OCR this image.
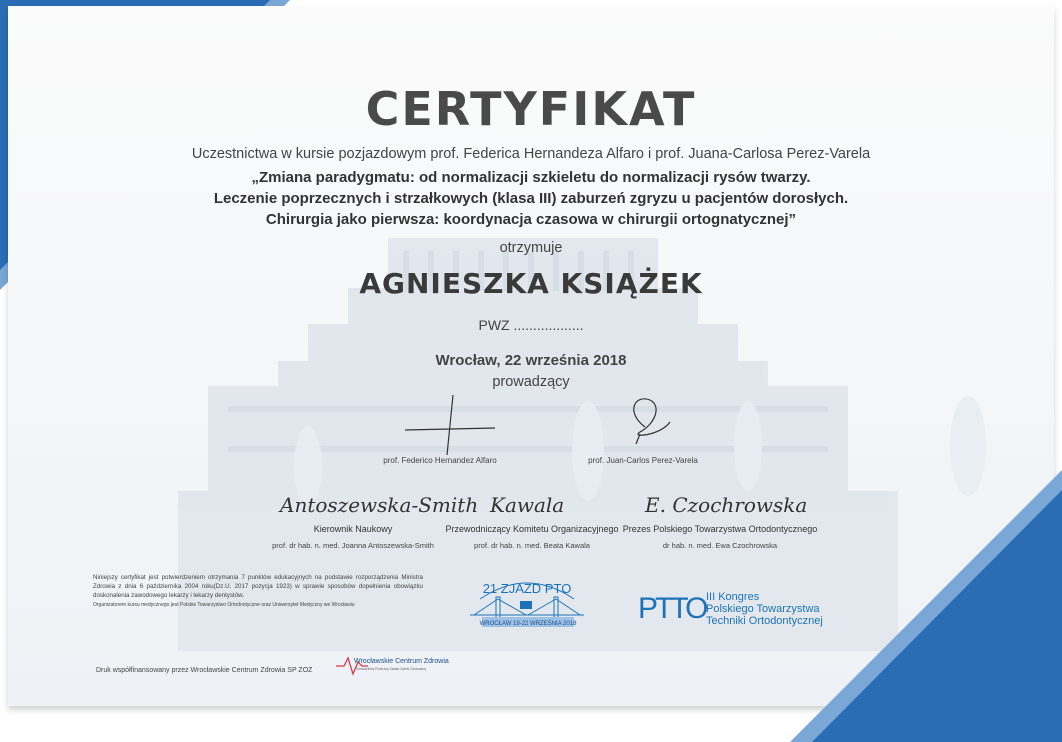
CERTYFIKAT
Uczestnictwa w kursie pozjazdowym prof. Federica Hernandeza Alfaro i prof. Juana-Carlosa Perez-Varela
„Zmiana paradygmatu: od normalizacji szkieletu do normalizacji rysów twarzy.
Leczenie poprzecznych i strzałkowych (klasa III) zaburzeń zgryzu u pacjentów dorosłych.
Chirurgia jako pierwsza: koordynacja czasowa w chirurgii ortognatycznej”
otrzymuje
AGNIESZKA KSIĄŻEK
PWZ ..................
Wrocław, 22 września 2018
prowadzący
prof. Federico Hernandez Alfaro	prof. Juan-Carlos Perez-Varela
Antoszewska-Smith
Kierownik Naukowy
prof. dr hab. n. med. Joanna Antoszewska-Smith
Kawala
Przewodniczący Komitetu Organizacyjnego
prof. dr hab. n. med. Beata Kawala
E. Czochrowska
Prezes Polskiego Towarzystwa Ortodontycznego
dr hab. n. med. Ewa Czochrowska
Niniejszy certyfikat jest potwierdzeniem otrzymania 7 punktów edukacyjnych na podstawie rozporządzenia Ministra Zdrowia z dnia 6 października 2004 roku(Dz.U. 2017 pozycja 1923) w sprawie sposobów dopełnienia obowiązku doskonalenia zawodowego lekarzy i lekarzy dentystów.
Organizatorem kursu medycznego jest Polskie Towarzystwo Ortodontyczne oraz Uniwersytet Medyczny we Wrocławiu
21 ZJAZD PTO
WROCŁAW 19-22 WRZEŚNIA 2018 PTTO III Kongres
Polskiego Towarzystwa
Techniki Ortodontycznej
Druk współfinansowany przez Wrocławskie Centrum Zdrowia SP ZOZ
Wrocławskie Centrum Zdrowia
Samodzielny Publiczny Zakład Opieki Zdrowotnej
